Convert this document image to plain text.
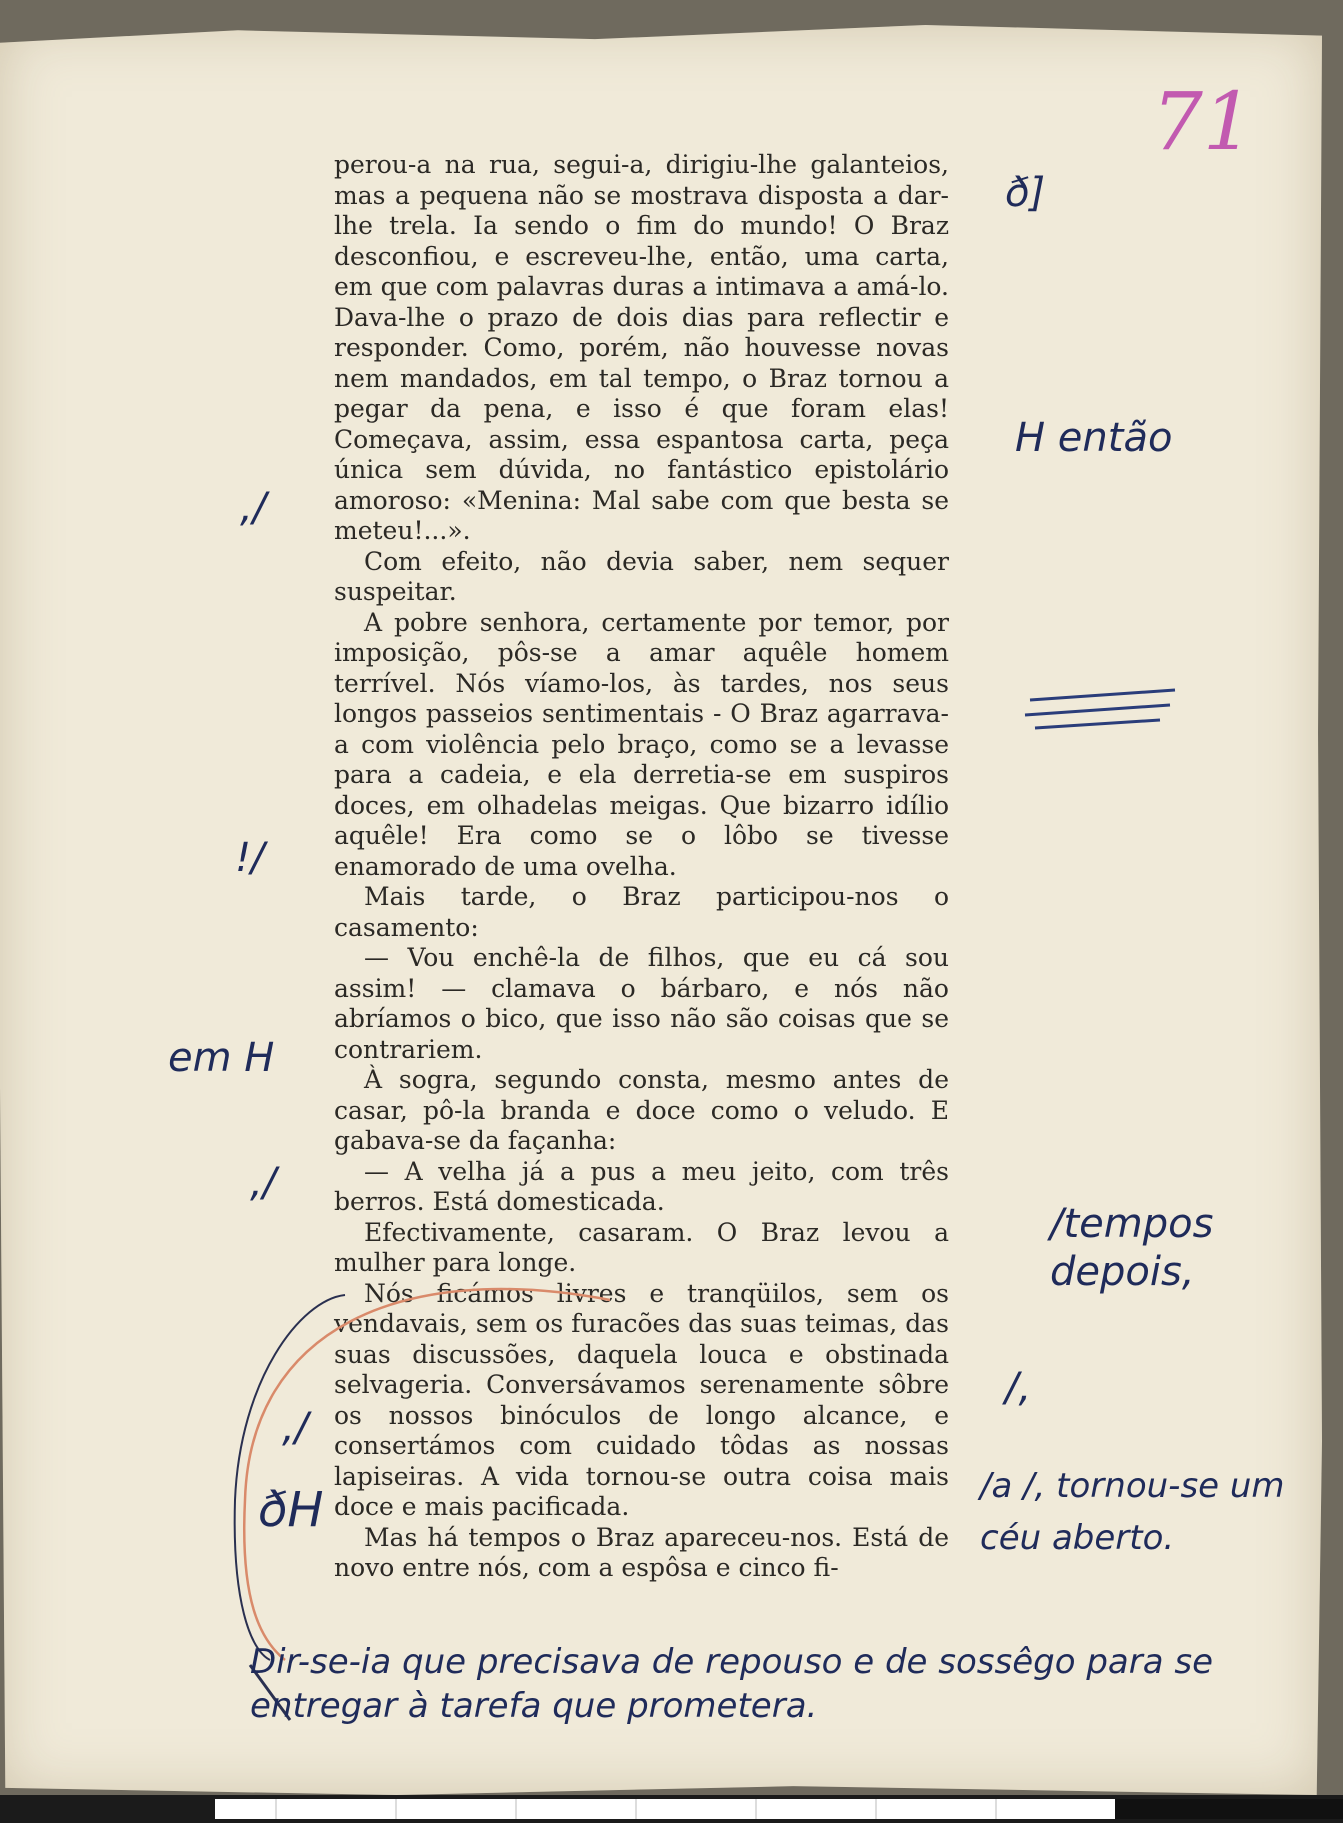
71

perou-a na rua, segui-a, dirigiu-lhe galanteios, mas a pequena não se mostrava disposta a dar-lhe trela. Ia sendo o fim do mundo! O Braz desconfiou, e escreveu-lhe, então, uma carta, em que com palavras duras a intimava a amá-lo. Dava-lhe o prazo de dois dias para reflectir e responder. Como, porém, não houvesse novas nem mandados, em tal tempo, o Braz tornou a pegar da pena, e isso é que foram elas! Começava, assim, essa espantosa carta, peça única sem dúvida, no fantástico epistolário amoroso: «Menina: Mal sabe com que besta se meteu!...».

Com efeito, não devia saber, nem sequer suspeitar.

A pobre senhora, certamente por temor, por imposição, pôs-se a amar aquêle homem terrível. Nós víamo-los, às tardes, nos seus longos passeios sentimentais - O Braz agarrava-a com violência pelo braço, como se a levasse para a cadeia, e ela derretia-se em suspiros doces, em olhadelas meigas. Que bizarro idílio aquêle! Era como se o lôbo se tivesse enamorado de uma ovelha.

Mais tarde, o Braz participou-nos o casamento:

— Vou enchê-la de filhos, que eu cá sou assim! — clamava o bárbaro, e nós não abríamos o bico, que isso não são coisas que se contrariem.

À sogra, segundo consta, mesmo antes de casar, pô-la branda e doce como o veludo. E gabava-se da façanha:

— A velha já a pus a meu jeito, com três berros. Está domesticada.

Efectivamente, casaram. O Braz levou a mulher para longe.

Nós ficámos livres e tranqüilos, sem os vendavais, sem os furacões das suas teimas, das suas discussões, daquela louca e obstinada selvageria. Conversávamos serenamente sôbre os nossos binóculos de longo alcance, e consertámos com cuidado tôdas as nossas lapiseiras. A vida tornou-se outra coisa mais doce e mais pacificada.

Mas há tempos o Braz apareceu-nos. Está de novo entre nós, com a espôsa e cinco fi-

ð]
H então
/tempos depois,
/,
/a /, tornou-se um céu aberto.
,/
!/
em H
,/
,/
ðH
Dir-se-ia que precisava de repouso e de sossêgo para se entregar à tarefa que prometera.
